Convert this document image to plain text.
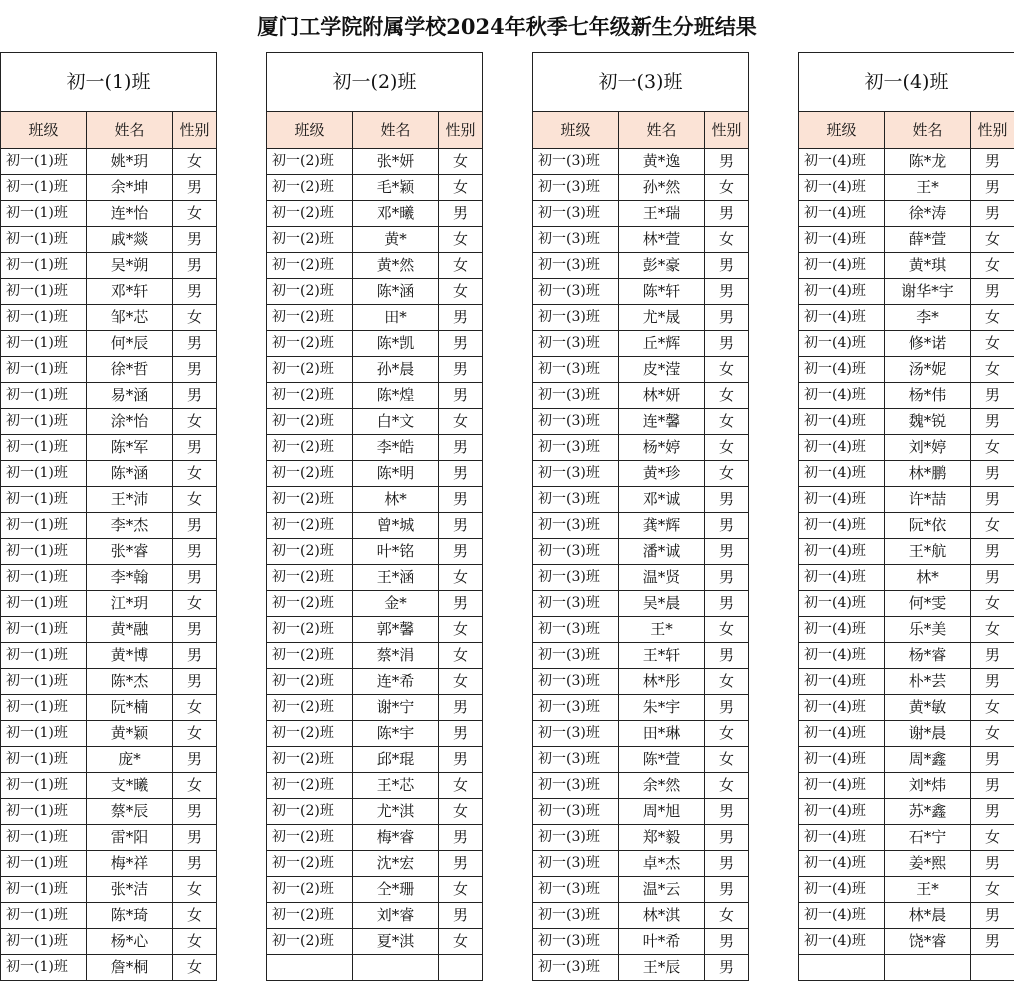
厦门工学院附属学校2024年秋季七年级新生分班结果
初一(1)班		
班级	姓名	性别
初一(1)班	姚*玥	女
初一(1)班	余*坤	男
初一(1)班	连*怡	女
初一(1)班	戚*燚	男
初一(1)班	吴*朔	男
初一(1)班	邓*轩	男
初一(1)班	邹*芯	女
初一(1)班	何*辰	男
初一(1)班	徐*哲	男
初一(1)班	易*涵	男
初一(1)班	涂*怡	女
初一(1)班	陈*军	男
初一(1)班	陈*涵	女
初一(1)班	王*沛	女
初一(1)班	李*杰	男
初一(1)班	张*睿	男
初一(1)班	李*翰	男
初一(1)班	江*玥	女
初一(1)班	黄*融	男
初一(1)班	黄*博	男
初一(1)班	陈*杰	男
初一(1)班	阮*楠	女
初一(1)班	黄*颖	女
初一(1)班	庞*	男
初一(1)班	支*曦	女
初一(1)班	蔡*辰	男
初一(1)班	雷*阳	男
初一(1)班	梅*祥	男
初一(1)班	张*洁	女
初一(1)班	陈*琦	女
初一(1)班	杨*心	女
初一(1)班	詹*桐	女
初一(2)班		
班级	姓名	性别
初一(2)班	张*妍	女
初一(2)班	毛*颖	女
初一(2)班	邓*曦	男
初一(2)班	黄*	女
初一(2)班	黄*然	女
初一(2)班	陈*涵	女
初一(2)班	田*	男
初一(2)班	陈*凯	男
初一(2)班	孙*晨	男
初一(2)班	陈*煌	男
初一(2)班	白*文	女
初一(2)班	李*皓	男
初一(2)班	陈*明	男
初一(2)班	林*	男
初一(2)班	曾*城	男
初一(2)班	叶*铭	男
初一(2)班	王*涵	女
初一(2)班	金*	男
初一(2)班	郭*馨	女
初一(2)班	蔡*涓	女
初一(2)班	连*希	女
初一(2)班	谢*宁	男
初一(2)班	陈*宇	男
初一(2)班	邱*琨	男
初一(2)班	王*芯	女
初一(2)班	尤*淇	女
初一(2)班	梅*睿	男
初一(2)班	沈*宏	男
初一(2)班	仝*珊	女
初一(2)班	刘*睿	男
初一(2)班	夏*淇	女

初一(3)班		
班级	姓名	性别
初一(3)班	黄*逸	男
初一(3)班	孙*然	女
初一(3)班	王*瑞	男
初一(3)班	林*萱	女
初一(3)班	彭*豪	男
初一(3)班	陈*轩	男
初一(3)班	尤*晟	男
初一(3)班	丘*辉	男
初一(3)班	皮*滢	女
初一(3)班	林*妍	女
初一(3)班	连*馨	女
初一(3)班	杨*婷	女
初一(3)班	黄*珍	女
初一(3)班	邓*诚	男
初一(3)班	龚*辉	男
初一(3)班	潘*诚	男
初一(3)班	温*贤	男
初一(3)班	吴*晨	男
初一(3)班	王*	女
初一(3)班	王*轩	男
初一(3)班	林*彤	女
初一(3)班	朱*宇	男
初一(3)班	田*琳	女
初一(3)班	陈*萱	女
初一(3)班	余*然	女
初一(3)班	周*旭	男
初一(3)班	郑*毅	男
初一(3)班	卓*杰	男
初一(3)班	温*云	男
初一(3)班	林*淇	女
初一(3)班	叶*希	男
初一(3)班	王*辰	男
初一(4)班		
班级	姓名	性别
初一(4)班	陈*龙	男
初一(4)班	王*	男
初一(4)班	徐*涛	男
初一(4)班	薛*萱	女
初一(4)班	黄*琪	女
初一(4)班	谢华*宇	男
初一(4)班	李*	女
初一(4)班	修*诺	女
初一(4)班	汤*妮	女
初一(4)班	杨*伟	男
初一(4)班	魏*锐	男
初一(4)班	刘*婷	女
初一(4)班	林*鹏	男
初一(4)班	许*喆	男
初一(4)班	阮*依	女
初一(4)班	王*航	男
初一(4)班	林*	男
初一(4)班	何*雯	女
初一(4)班	乐*美	女
初一(4)班	杨*睿	男
初一(4)班	朴*芸	男
初一(4)班	黄*敏	女
初一(4)班	谢*晨	女
初一(4)班	周*鑫	男
初一(4)班	刘*炜	男
初一(4)班	苏*鑫	男
初一(4)班	石*宁	女
初一(4)班	姜*熙	男
初一(4)班	王*	女
初一(4)班	林*晨	男
初一(4)班	饶*睿	男
